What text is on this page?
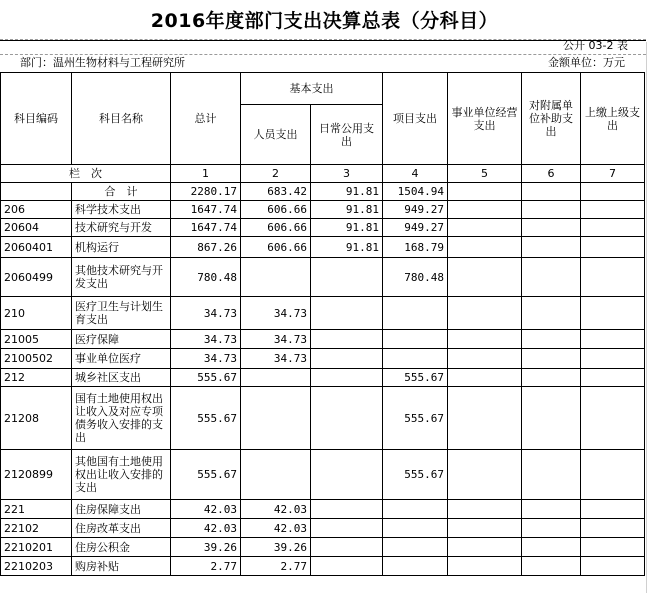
2016年度部门支出决算总表（分科目）
公开 03-2 表
部门：温州生物材料与工程研究所	金额单位：万元
科目编码	科目名称	总计	基本支出		项目支出	事业单位经营支出	对附属单位补助支出	上缴上级支出
			人员支出	日常公用支出				
栏　次		1	2	3	4	5	6	7
	合　计	2280.17	683.42	91.81	1504.94			
206	科学技术支出	1647.74	606.66	91.81	949.27			
20604	技术研究与开发	1647.74	606.66	91.81	949.27			
2060401	机构运行	867.26	606.66	91.81	168.79			
2060499	其他技术研究与开发支出	780.48			780.48			
210	医疗卫生与计划生育支出	34.73	34.73					
21005	医疗保障	34.73	34.73					
2100502	事业单位医疗	34.73	34.73					
212	城乡社区支出	555.67			555.67			
21208	国有土地使用权出让收入及对应专项债务收入安排的支出	555.67			555.67			
2120899	其他国有土地使用权出让收入安排的支出	555.67			555.67			
221	住房保障支出	42.03	42.03					
22102	住房改革支出	42.03	42.03					
2210201	住房公积金	39.26	39.26					
2210203	购房补贴	2.77	2.77					
